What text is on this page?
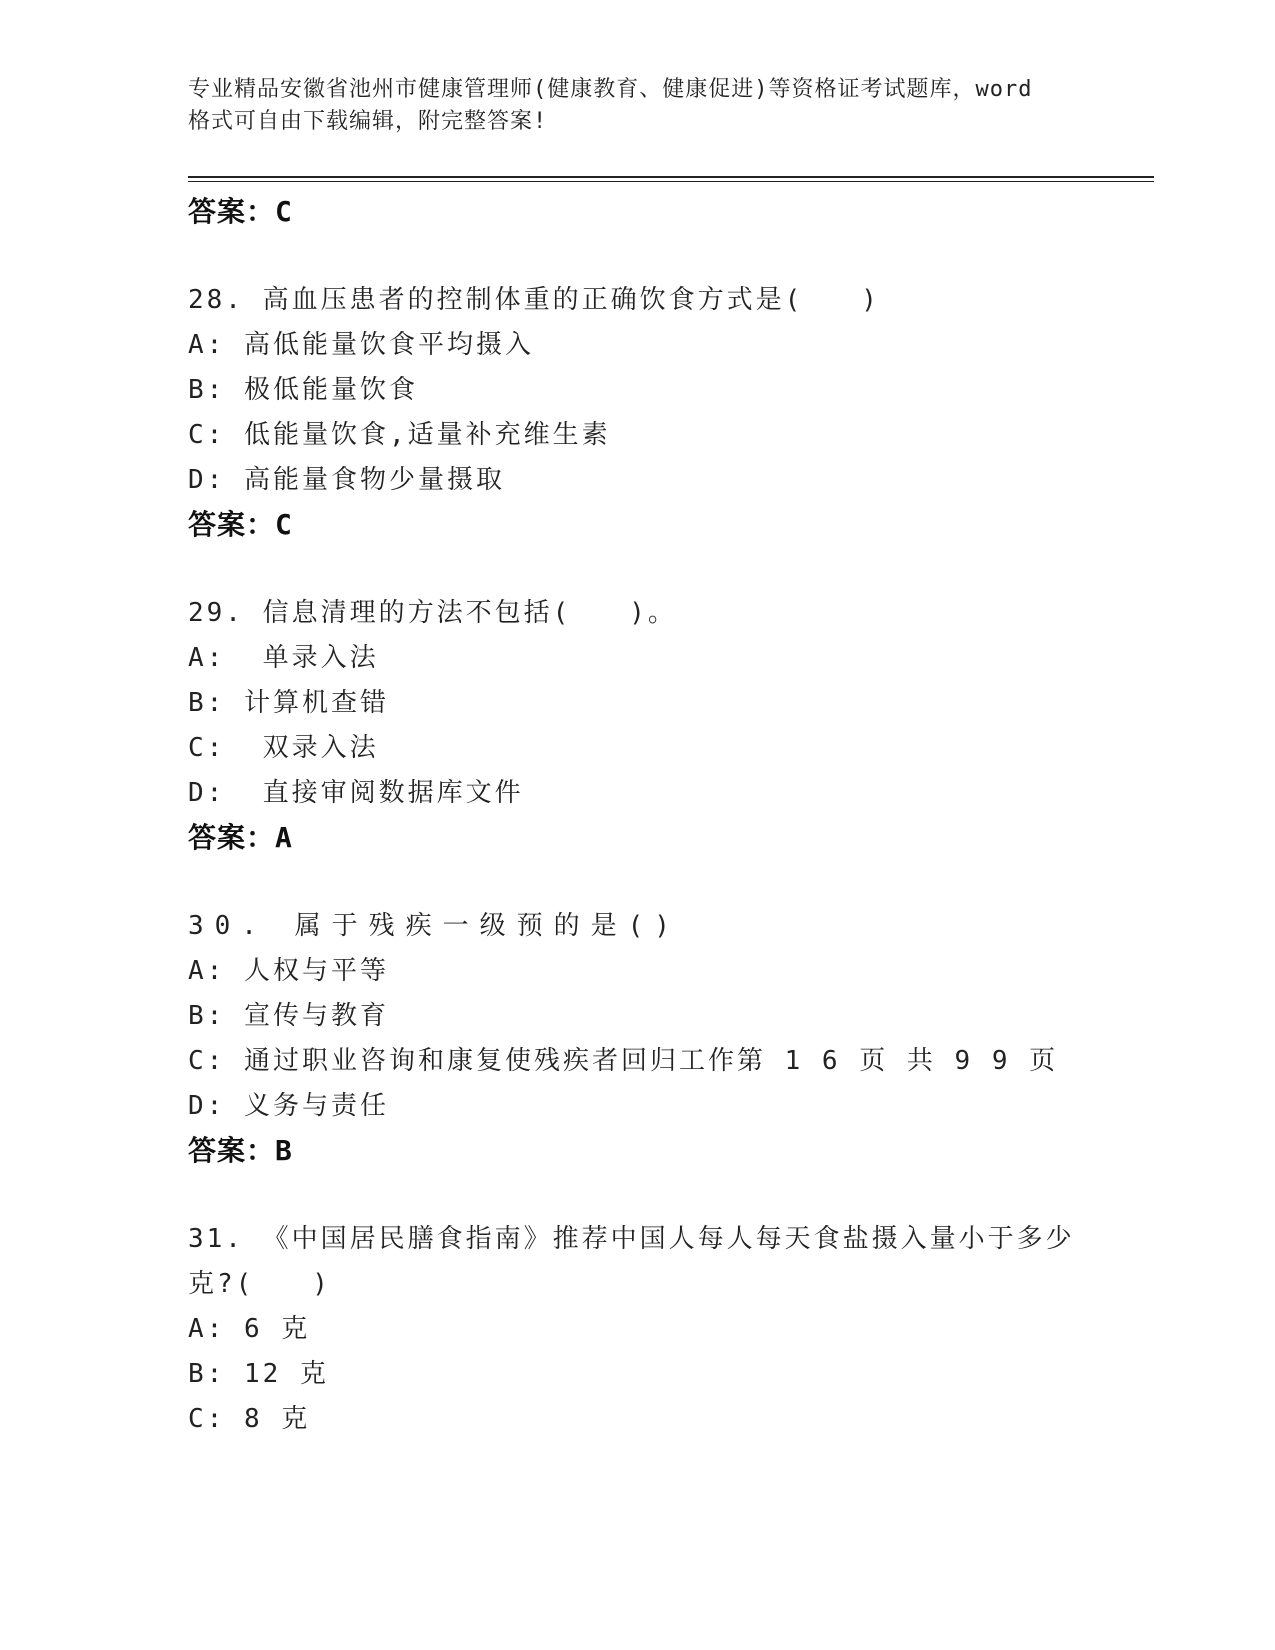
专业精品安徽省池州市健康管理师(健康教育、健康促进)等资格证考试题库，word
格式可自由下载编辑，附完整答案!
答案：C
28. 高血压患者的控制体重的正确饮食方式是(　　)
A: 高低能量饮食平均摄入
B: 极低能量饮食
C: 低能量饮食,适量补充维生素
D: 高能量食物少量摄取
答案：C
29. 信息清理的方法不包括(　　)。
A:  单录入法
B: 计算机查错
C:  双录入法
D:  直接审阅数据库文件
答案：A
30. 属于残疾一级预的是()
A: 人权与平等
B: 宣传与教育
C: 通过职业咨询和康复使残疾者回归工作第 1 6 页 共 9 9 页
D: 义务与责任
答案：B
31. 《中国居民膳食指南》推荐中国人每人每天食盐摄入量小于多少
克?(　　)
A: 6 克
B: 12 克
C: 8 克
